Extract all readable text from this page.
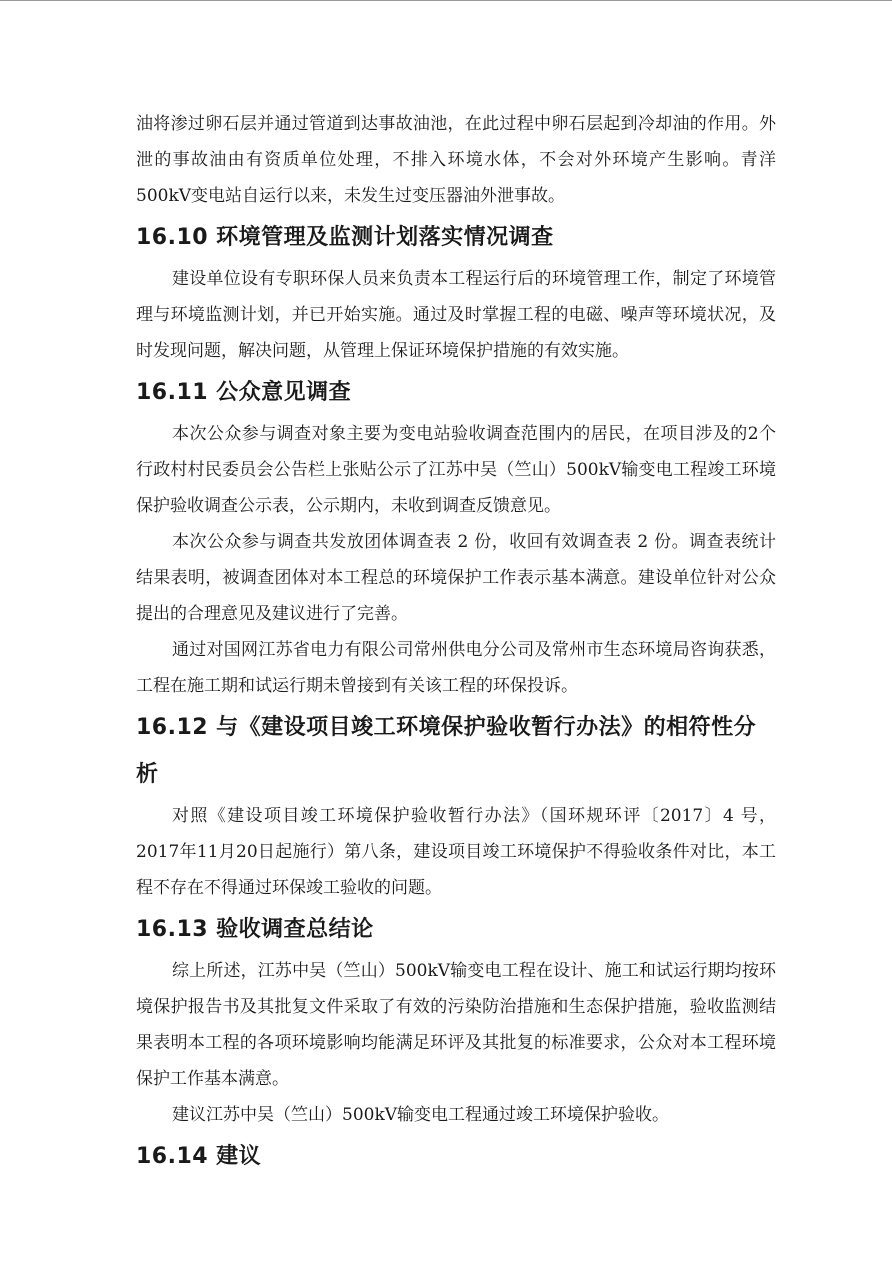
油将渗过卵石层并通过管道到达事故油池，在此过程中卵石层起到冷却油的作用。外泄的事故油由有资质单位处理，不排入环境水体，不会对外环境产生影响。青洋500kV变电站自运行以来，未发生过变压器油外泄事故。

16.10 环境管理及监测计划落实情况调查

建设单位设有专职环保人员来负责本工程运行后的环境管理工作，制定了环境管理与环境监测计划，并已开始实施。通过及时掌握工程的电磁、噪声等环境状况，及时发现问题，解决问题，从管理上保证环境保护措施的有效实施。

16.11 公众意见调查

本次公众参与调查对象主要为变电站验收调查范围内的居民，在项目涉及的2个行政村村民委员会公告栏上张贴公示了江苏中吴（竺山）500kV输变电工程竣工环境保护验收调查公示表，公示期内，未收到调查反馈意见。

本次公众参与调查共发放团体调查表 2 份，收回有效调查表 2 份。调查表统计结果表明，被调查团体对本工程总的环境保护工作表示基本满意。建设单位针对公众提出的合理意见及建议进行了完善。

通过对国网江苏省电力有限公司常州供电分公司及常州市生态环境局咨询获悉，工程在施工期和试运行期未曾接到有关该工程的环保投诉。

16.12 与《建设项目竣工环境保护验收暂行办法》的相符性分析

对照《建设项目竣工环境保护验收暂行办法》（国环规环评〔2017〕4 号，2017年11月20日起施行）第八条，建设项目竣工环境保护不得验收条件对比，本工程不存在不得通过环保竣工验收的问题。

16.13 验收调查总结论

综上所述，江苏中吴（竺山）500kV输变电工程在设计、施工和试运行期均按环境保护报告书及其批复文件采取了有效的污染防治措施和生态保护措施，验收监测结果表明本工程的各项环境影响均能满足环评及其批复的标准要求，公众对本工程环境保护工作基本满意。

建议江苏中吴（竺山）500kV输变电工程通过竣工环境保护验收。

16.14 建议
